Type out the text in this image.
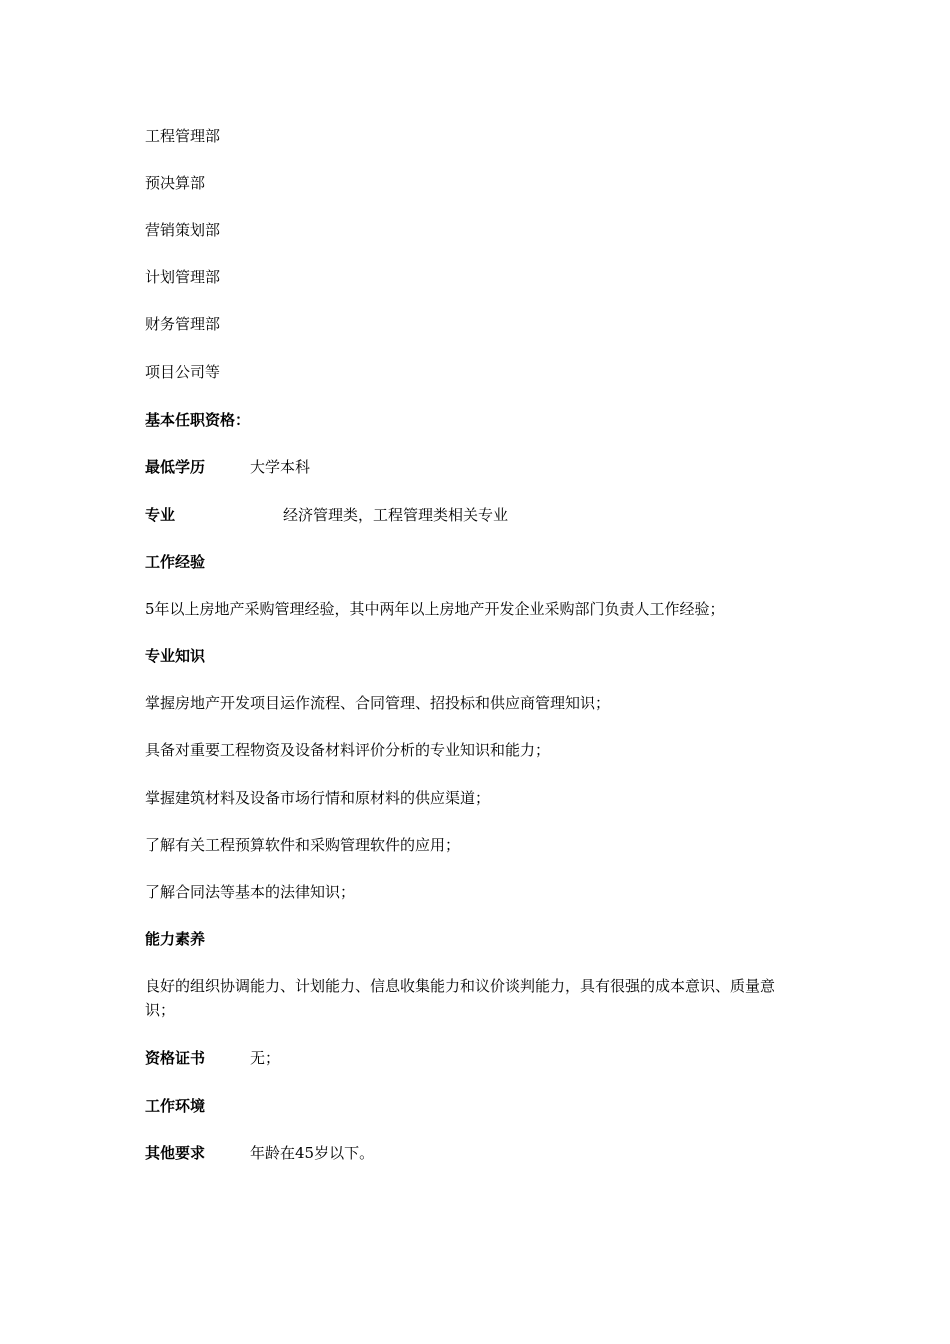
工程管理部
预决算部
营销策划部
计划管理部
财务管理部
项目公司等
基本任职资格：
最低学历	大学本科
专业	经济管理类，工程管理类相关专业
工作经验
5年以上房地产采购管理经验，其中两年以上房地产开发企业采购部门负责人工作经验；
专业知识
掌握房地产开发项目运作流程、合同管理、招投标和供应商管理知识；
具备对重要工程物资及设备材料评价分析的专业知识和能力；
掌握建筑材料及设备市场行情和原材料的供应渠道；
了解有关工程预算软件和采购管理软件的应用；
了解合同法等基本的法律知识；
能力素养
良好的组织协调能力、计划能力、信息收集能力和议价谈判能力，具有很强的成本意识、质量意识；
资格证书	无；
工作环境
其他要求	年龄在45岁以下。
